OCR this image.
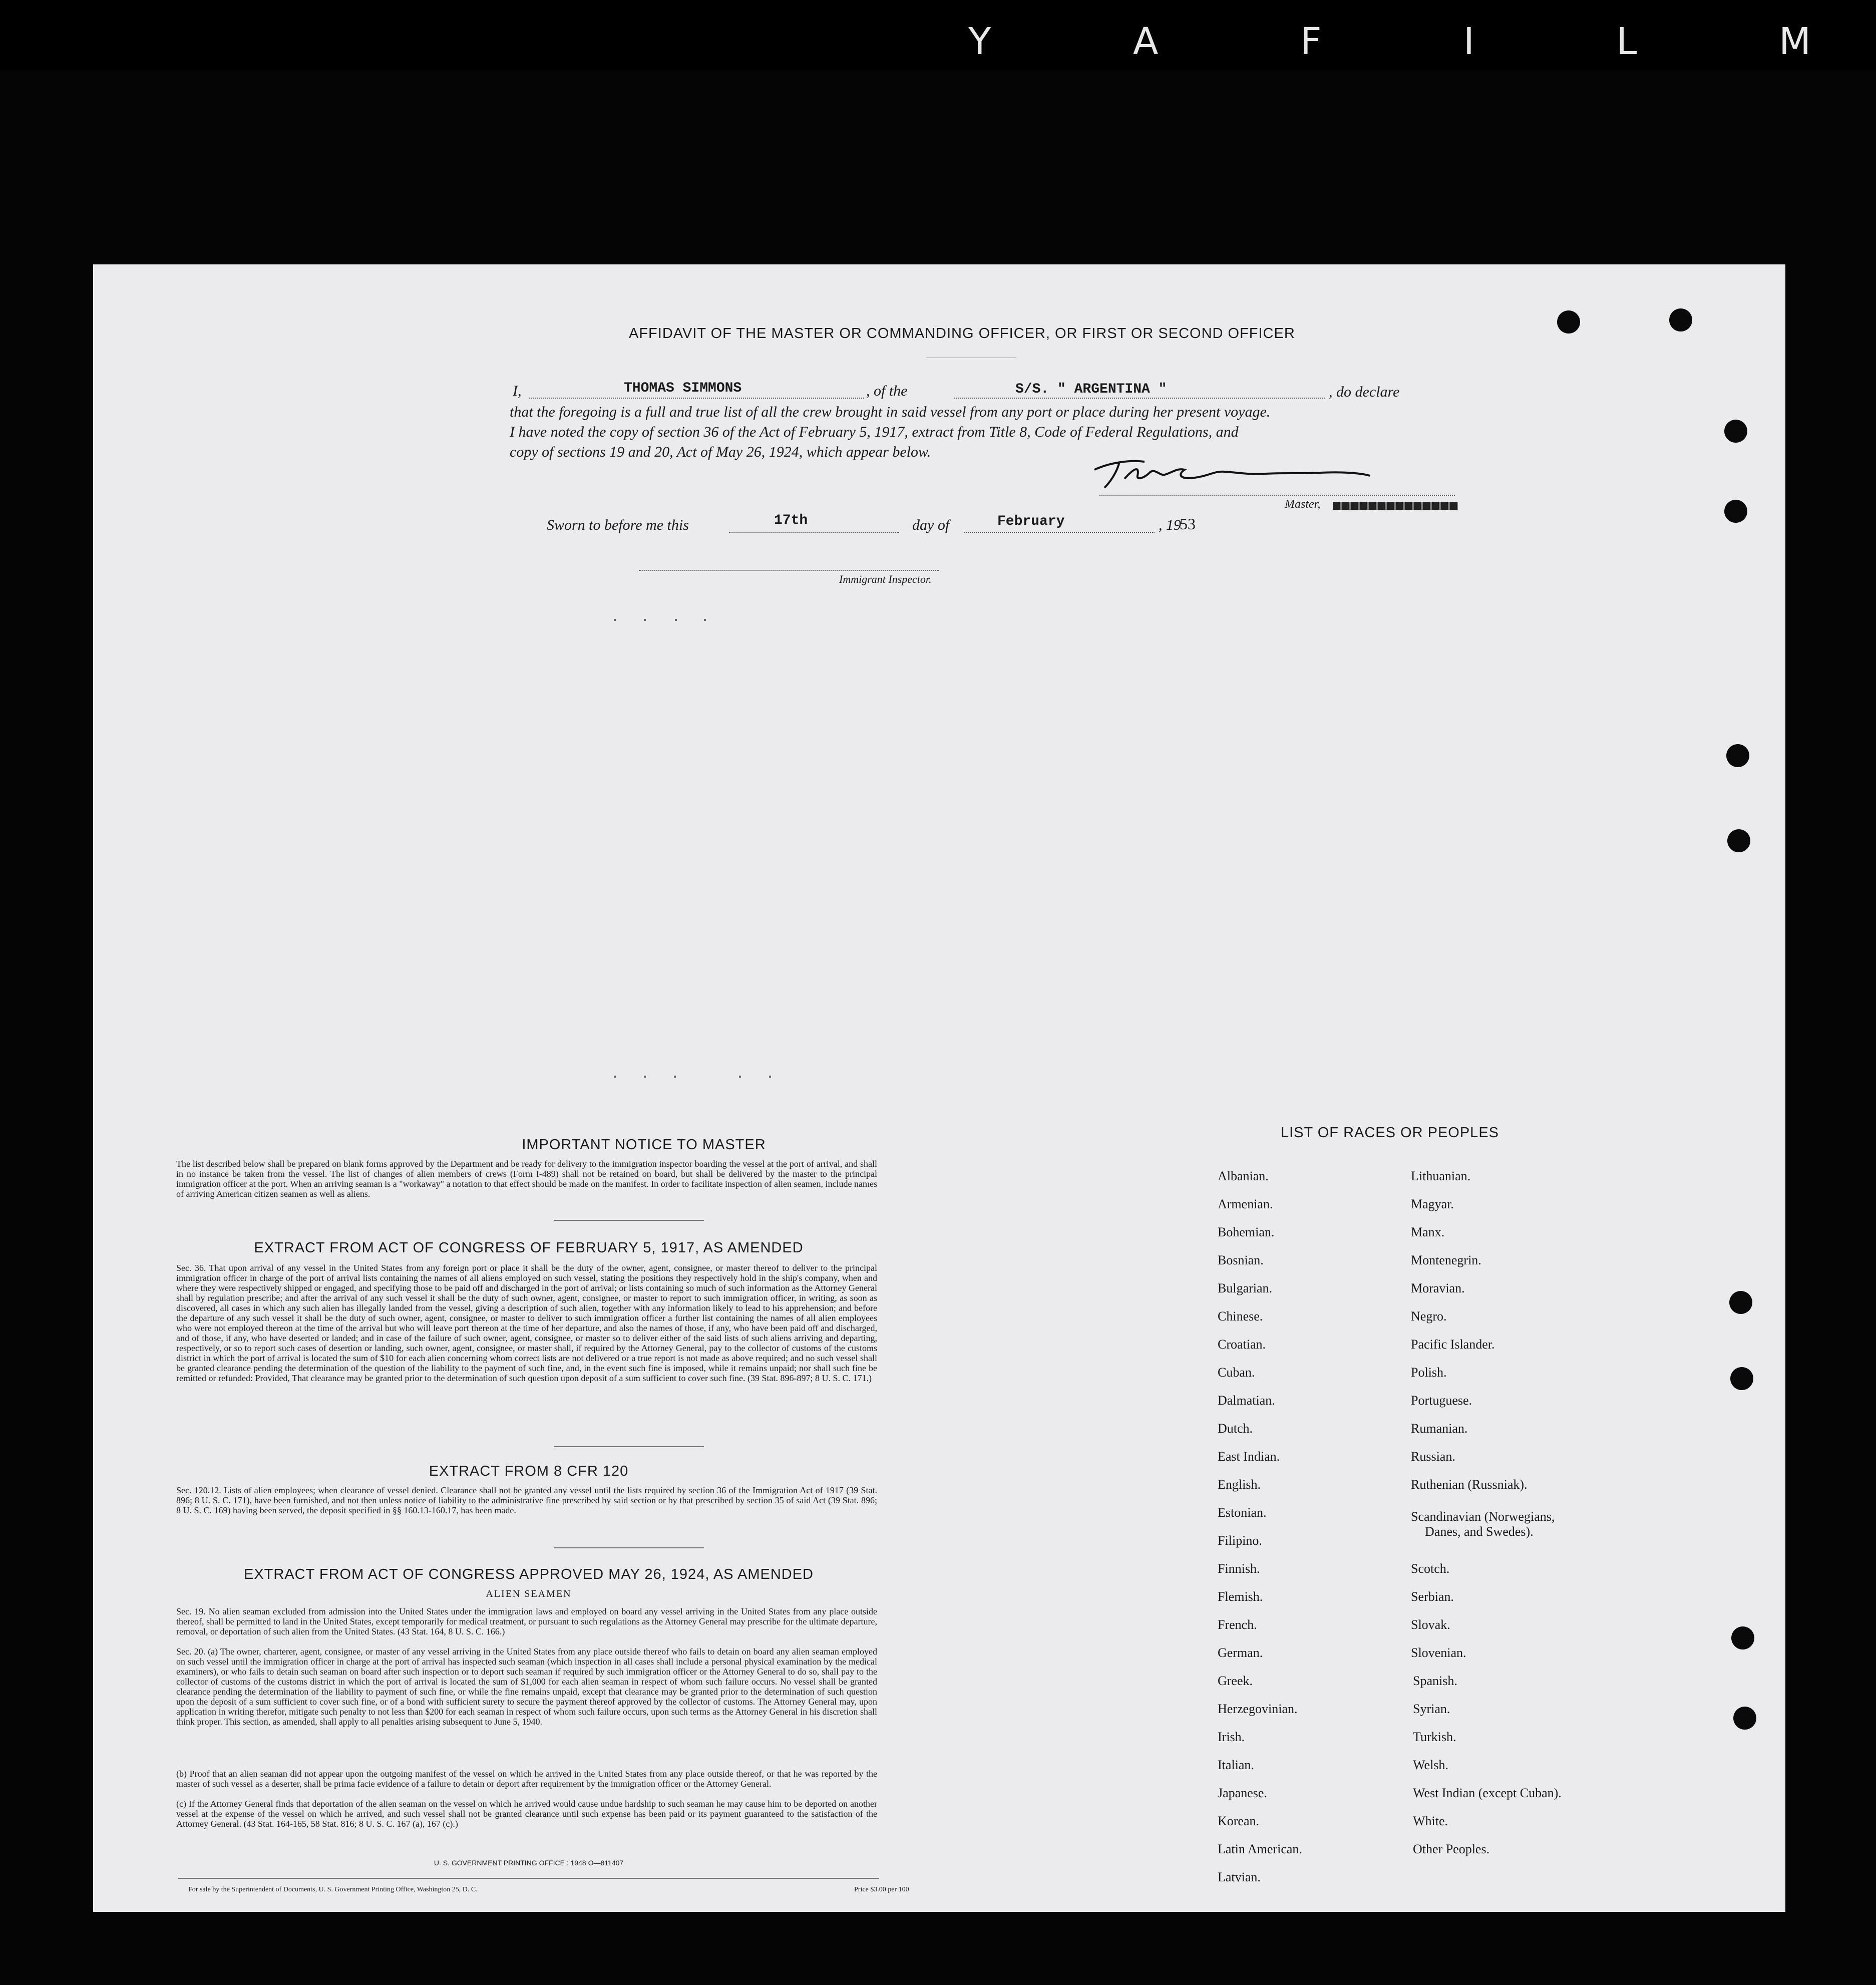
Y A F I L M
AFFIDAVIT OF THE MASTER OR COMMANDING OFFICER, OR FIRST OR SECOND OFFICER
I,	THOMAS SIMMONS	, of the	S/S. " ARGENTINA "	, do declare
that the foregoing is a full and true list of all the crew brought in said vessel from any port or place during her present voyage.
I have noted the copy of section 36 of the Act of February 5, 1917, extract from Title 8, Code of Federal Regulations, and
copy of sections 19 and 20, Act of May 26, 1924, which appear below.
Master,
Sworn to before me this	17th	day of	February	, 19
53
Immigrant Inspector.
IMPORTANT NOTICE TO MASTER
The list described below shall be prepared on blank forms approved by the Department and be ready for delivery to the immigration inspector boarding the vessel at the port of arrival, and shall in no instance be taken from the vessel. The list of changes of alien members of crews (Form I-489) shall not be retained on board, but shall be delivered by the master to the principal immigration officer at the port. When an arriving seaman is a "workaway" a notation to that effect should be made on the manifest. In order to facilitate inspection of alien seamen, include names of arriving American citizen seamen as well as aliens.
EXTRACT FROM ACT OF CONGRESS OF FEBRUARY 5, 1917, AS AMENDED
Sec. 36. That upon arrival of any vessel in the United States from any foreign port or place it shall be the duty of the owner, agent, consignee, or master thereof to deliver to the principal immigration officer in charge of the port of arrival lists containing the names of all aliens employed on such vessel, stating the positions they respectively hold in the ship's company, when and where they were respectively shipped or engaged, and specifying those to be paid off and discharged in the port of arrival; or lists containing so much of such information as the Attorney General shall by regulation prescribe; and after the arrival of any such vessel it shall be the duty of such owner, agent, consignee, or master to report to such immigration officer, in writing, as soon as discovered, all cases in which any such alien has illegally landed from the vessel, giving a description of such alien, together with any information likely to lead to his apprehension; and before the departure of any such vessel it shall be the duty of such owner, agent, consignee, or master to deliver to such immigration officer a further list containing the names of all alien employees who were not employed thereon at the time of the arrival but who will leave port thereon at the time of her departure, and also the names of those, if any, who have been paid off and discharged, and of those, if any, who have deserted or landed; and in case of the failure of such owner, agent, consignee, or master so to deliver either of the said lists of such aliens arriving and departing, respectively, or so to report such cases of desertion or landing, such owner, agent, consignee, or master shall, if required by the Attorney General, pay to the collector of customs of the customs district in which the port of arrival is located the sum of $10 for each alien concerning whom correct lists are not delivered or a true report is not made as above required; and no such vessel shall be granted clearance pending the determination of the question of the liability to the payment of such fine, and, in the event such fine is imposed, while it remains unpaid; nor shall such fine be remitted or refunded: Provided, That clearance may be granted prior to the determination of such question upon deposit of a sum sufficient to cover such fine. (39 Stat. 896-897; 8 U. S. C. 171.)
EXTRACT FROM 8 CFR 120
Sec. 120.12. Lists of alien employees; when clearance of vessel denied. Clearance shall not be granted any vessel until the lists required by section 36 of the Immigration Act of 1917 (39 Stat. 896; 8 U. S. C. 171), have been furnished, and not then unless notice of liability to the administrative fine prescribed by said section or by that prescribed by section 35 of said Act (39 Stat. 896; 8 U. S. C. 169) having been served, the deposit specified in §§ 160.13-160.17, has been made.
EXTRACT FROM ACT OF CONGRESS APPROVED MAY 26, 1924, AS AMENDED
ALIEN SEAMEN
Sec. 19. No alien seaman excluded from admission into the United States under the immigration laws and employed on board any vessel arriving in the United States from any place outside thereof, shall be permitted to land in the United States, except temporarily for medical treatment, or pursuant to such regulations as the Attorney General may prescribe for the ultimate departure, removal, or deportation of such alien from the United States. (43 Stat. 164, 8 U. S. C. 166.)
Sec. 20. (a) The owner, charterer, agent, consignee, or master of any vessel arriving in the United States from any place outside thereof who fails to detain on board any alien seaman employed on such vessel until the immigration officer in charge at the port of arrival has inspected such seaman (which inspection in all cases shall include a personal physical examination by the medical examiners), or who fails to detain such seaman on board after such inspection or to deport such seaman if required by such immigration officer or the Attorney General to do so, shall pay to the collector of customs of the customs district in which the port of arrival is located the sum of $1,000 for each alien seaman in respect of whom such failure occurs. No vessel shall be granted clearance pending the determination of the liability to payment of such fine, or while the fine remains unpaid, except that clearance may be granted prior to the determination of such question upon the deposit of a sum sufficient to cover such fine, or of a bond with sufficient surety to secure the payment thereof approved by the collector of customs. The Attorney General may, upon application in writing therefor, mitigate such penalty to not less than $200 for each seaman in respect of whom such failure occurs, upon such terms as the Attorney General in his discretion shall think proper. This section, as amended, shall apply to all penalties arising subsequent to June 5, 1940.
(b) Proof that an alien seaman did not appear upon the outgoing manifest of the vessel on which he arrived in the United States from any place outside thereof, or that he was reported by the master of such vessel as a deserter, shall be prima facie evidence of a failure to detain or deport after requirement by the immigration officer or the Attorney General.
(c) If the Attorney General finds that deportation of the alien seaman on the vessel on which he arrived would cause undue hardship to such seaman he may cause him to be deported on another vessel at the expense of the vessel on which he arrived, and such vessel shall not be granted clearance until such expense has been paid or its payment guaranteed to the satisfaction of the Attorney General. (43 Stat. 164-165, 58 Stat. 816; 8 U. S. C. 167 (a), 167 (c).)
U. S. GOVERNMENT PRINTING OFFICE : 1948 O—811407
For sale by the Superintendent of Documents, U. S. Government Printing Office, Washington 25, D. C.	Price $3.00 per 100
LIST OF RACES OR PEOPLES
Albanian.
Armenian.
Bohemian.
Bosnian.
Bulgarian.
Chinese.
Croatian.
Cuban.
Dalmatian.
Dutch.
East Indian.
English.
Estonian.
Filipino.
Finnish.
Flemish.
French.
German.
Greek.
Herzegovinian.
Irish.
Italian.
Japanese.
Korean.
Latin American.
Latvian.
Lithuanian.
Magyar.
Manx.
Montenegrin.
Moravian.
Negro.
Pacific Islander.
Polish.
Portuguese.
Rumanian.
Russian.
Ruthenian (Russniak).
Scandinavian (Norwegians,
Danes, and Swedes).
Scotch.
Serbian.
Slovak.
Slovenian.
Spanish.
Syrian.
Turkish.
Welsh.
West Indian (except Cuban).
White.
Other Peoples.
